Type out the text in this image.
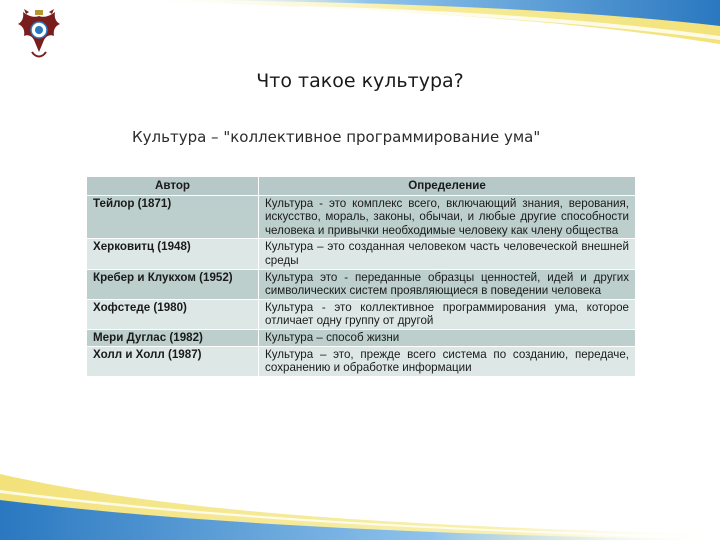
Что такое культура?
Культура – "коллективное программирование ума"
Автор	Определение
Тейлор (1871)	Культура - это комплекс всего, включающий знания, верования, искусство, мораль, законы, обычаи, и любые другие способности человека и привычки необходимые человеку как члену общества
Херковитц (1948)	Культура – это созданная человеком часть человеческой внешней среды
Кребер и Клукхом (1952)	Культура это - переданные образцы ценностей, идей и других символических систем проявляющиеся в поведении человека
Хофстеде (1980)	Культура - это коллективное программирования ума, которое отличает одну группу от другой
Мери Дуглас (1982)	Культура – способ жизни
Холл и Холл (1987)	Культура – это, прежде всего система по созданию, передаче, сохранению и обработке информации
